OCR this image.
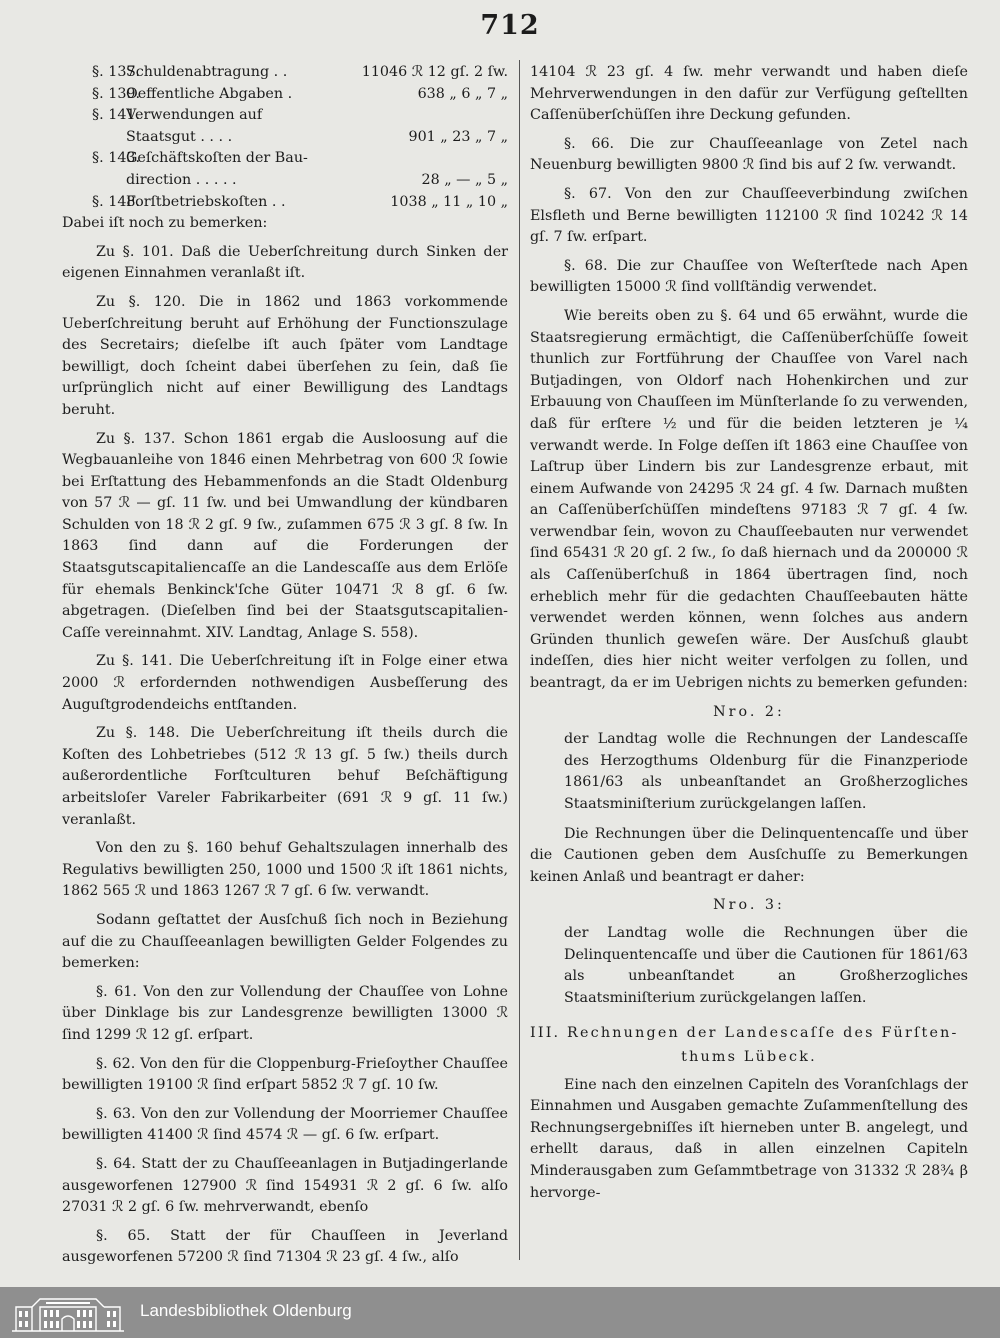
712
§. 137.
Schuldenabtragung . .	11046 ℛ 12 gſ. 2 ſw.
§. 139.
Oeffentliche Abgaben .	638 „ 6 „ 7 „
§. 141.
Verwendungen auf
Staatsgut . . . .	901 „ 23 „ 7 „
§. 143.
Geſchäftskoſten der Bau-
direction . . . . .	28 „ — „ 5 „
§. 148.
Forſtbetriebskoſten . .	1038 „ 11 „ 10 „

Dabei iſt noch zu bemerken:

Zu §. 101. Daß die Ueberſchreitung durch Sinken der eigenen Einnahmen veranlaßt iſt.

Zu §. 120. Die in 1862 und 1863 vorkommende Ueberſchreitung beruht auf Erhöhung der Functionszulage des Secretairs; dieſelbe iſt auch ſpäter vom Landtage bewilligt, doch ſcheint dabei überſehen zu ſein, daß ſie urſprünglich nicht auf einer Bewilligung des Landtags beruht.

Zu §. 137. Schon 1861 ergab die Ausloosung auf die Wegbauanleihe von 1846 einen Mehrbetrag von 600 ℛ ſowie bei Erſtattung des Hebammenfonds an die Stadt Oldenburg von 57 ℛ — gſ. 11 ſw. und bei Umwandlung der kündbaren Schulden von 18 ℛ 2 gſ. 9 ſw., zuſammen 675 ℛ 3 gſ. 8 ſw. In 1863 ſind dann auf die Forderungen der Staatsgutscapitaliencaſſe an die Landescaſſe aus dem Erlöſe für ehemals Benkinck'ſche Güter 10471 ℛ 8 gſ. 6 ſw. abgetragen. (Dieſelben ſind bei der Staatsgutscapitalien-Caſſe vereinnahmt. XIV. Landtag, Anlage S. 558).

Zu §. 141. Die Ueberſchreitung iſt in Folge einer etwa 2000 ℛ erfordernden nothwendigen Ausbeſſerung des Auguſtgrodendeichs entſtanden.

Zu §. 148. Die Ueberſchreitung iſt theils durch die Koſten des Lohbetriebes (512 ℛ 13 gſ. 5 ſw.) theils durch außerordentliche Forſtculturen behuf Beſchäftigung arbeitsloſer Vareler Fabrikarbeiter (691 ℛ 9 gſ. 11 ſw.) veranlaßt.

Von den zu §. 160 behuf Gehaltszulagen innerhalb des Regulativs bewilligten 250, 1000 und 1500 ℛ iſt 1861 nichts, 1862 565 ℛ und 1863 1267 ℛ 7 gſ. 6 ſw. verwandt.

Sodann geſtattet der Ausſchuß ſich noch in Beziehung auf die zu Chauſſeeanlagen bewilligten Gelder Folgendes zu bemerken:

§. 61. Von den zur Vollendung der Chauſſee von Lohne über Dinklage bis zur Landesgrenze bewilligten 13000 ℛ ſind 1299 ℛ 12 gſ. erſpart.

§. 62. Von den für die Cloppenburg-Frieſoyther Chauſſee bewilligten 19100 ℛ ſind erſpart 5852 ℛ 7 gſ. 10 ſw.

§. 63. Von den zur Vollendung der Moorriemer Chauſſee bewilligten 41400 ℛ ſind 4574 ℛ — gſ. 6 ſw. erſpart.

§. 64. Statt der zu Chauſſeeanlagen in Butjadingerlande ausgeworfenen 127900 ℛ ſind 154931 ℛ 2 gſ. 6 ſw. alſo 27031 ℛ 2 gſ. 6 ſw. mehrverwandt, ebenſo

§. 65. Statt der für Chauſſeen in Jeverland ausgeworfenen 57200 ℛ ſind 71304 ℛ 23 gſ. 4 ſw., alſo

14104 ℛ 23 gſ. 4 ſw. mehr verwandt und haben dieſe Mehrverwendungen in den dafür zur Verfügung geſtellten Caſſenüberſchüſſen ihre Deckung gefunden.

§. 66. Die zur Chauſſeeanlage von Zetel nach Neuenburg bewilligten 9800 ℛ ſind bis auf 2 ſw. verwandt.

§. 67. Von den zur Chauſſeeverbindung zwiſchen Elsfleth und Berne bewilligten 112100 ℛ ſind 10242 ℛ 14 gſ. 7 ſw. erſpart.

§. 68. Die zur Chauſſee von Weſterſtede nach Apen bewilligten 15000 ℛ ſind vollſtändig verwendet.

Wie bereits oben zu §. 64 und 65 erwähnt, wurde die Staatsregierung ermächtigt, die Caſſenüberſchüſſe ſoweit thunlich zur Fortführung der Chauſſee von Varel nach Butjadingen, von Oldorf nach Hohenkirchen und zur Erbauung von Chauſſeen im Münſterlande ſo zu verwenden, daß für erſtere ½ und für die beiden letzteren je ¼ verwandt werde. In Folge deſſen iſt 1863 eine Chauſſee von Laſtrup über Lindern bis zur Landesgrenze erbaut, mit einem Aufwande von 24295 ℛ 24 gſ. 4 ſw. Darnach mußten an Caſſenüberſchüſſen mindeſtens 97183 ℛ 7 gſ. 4 ſw. verwendbar ſein, wovon zu Chauſſeebauten nur verwendet ſind 65431 ℛ 20 gſ. 2 ſw., ſo daß hiernach und da 200000 ℛ als Caſſenüberſchuß in 1864 übertragen ſind, noch erheblich mehr für die gedachten Chauſſeebauten hätte verwendet werden können, wenn ſolches aus andern Gründen thunlich geweſen wäre. Der Ausſchuß glaubt indeſſen, dies hier nicht weiter verfolgen zu ſollen, und beantragt, da er im Uebrigen nichts zu bemerken gefunden:

Nro. 2:

der Landtag wolle die Rechnungen der Landescaſſe des Herzogthums Oldenburg für die Finanzperiode 1861/63 als unbeanſtandet an Großherzogliches Staatsminiſterium zurückgelangen laſſen.

Die Rechnungen über die Delinquentencaſſe und über die Cautionen geben dem Ausſchuſſe zu Bemerkungen keinen Anlaß und beantragt er daher:

Nro. 3:

der Landtag wolle die Rechnungen über die Delinquentencaſſe und über die Cautionen für 1861/63 als unbeanſtandet an Großherzogliches Staatsminiſterium zurückgelangen laſſen.

III. Rechnungen der Landescaſſe des Fürſten-
thums Lübeck.

Eine nach den einzelnen Capiteln des Voranſchlags der Einnahmen und Ausgaben gemachte Zuſammenſtellung des Rechnungsergebniſſes iſt hierneben unter B. angelegt, und erhellt daraus, daß in allen einzelnen Capiteln Minderausgaben zum Geſammtbetrage von 31332 ℛ 28¾ β hervorge-

Landesbibliothek Oldenburg
